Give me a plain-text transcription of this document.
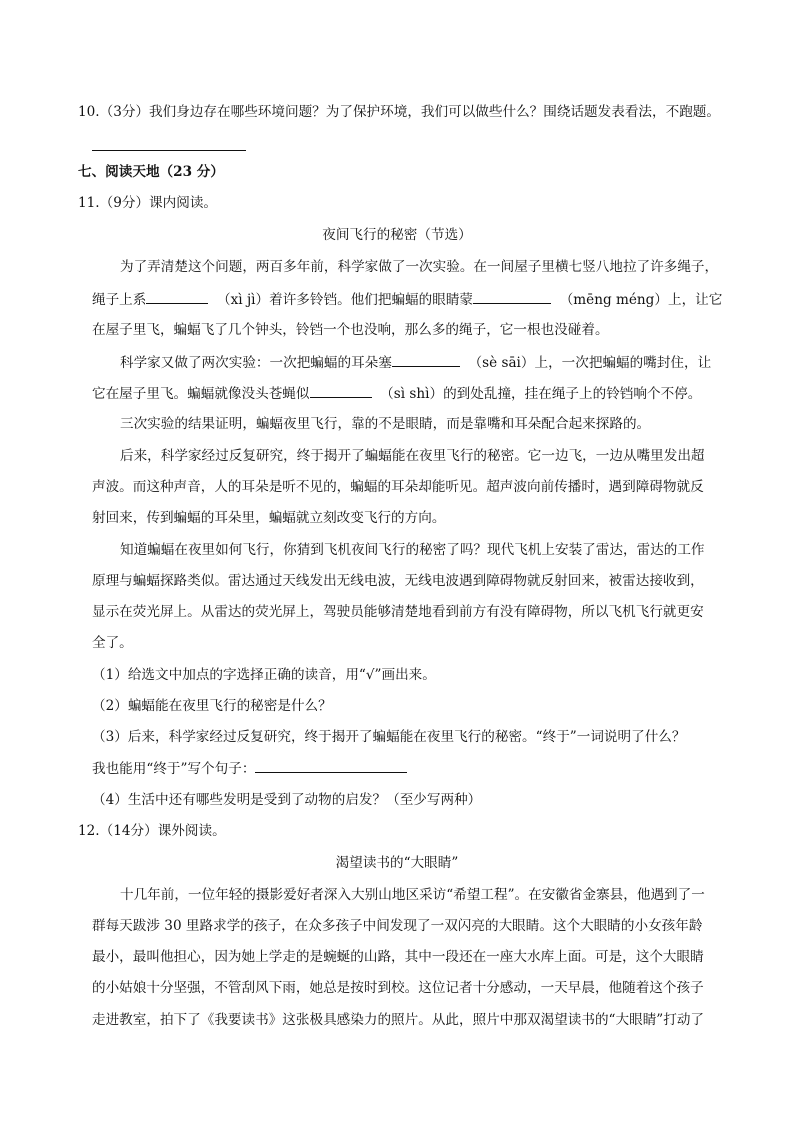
10.（3分）我们身边存在哪些环境问题？为了保护环境，我们可以做些什么？围绕话题发表看法，不跑题。
七、阅读天地（23 分）
11.（9分）课内阅读。
夜间飞行的秘密（节选）
为了弄清楚这个问题，两百多年前，科学家做了一次实验。在一间屋子里横七竖八地拉了许多绳子，
绳子上系	（xì jì）着许多铃铛。他们把蝙蝠的眼睛蒙	（mēng méng）上，让它
在屋子里飞，蝙蝠飞了几个钟头，铃铛一个也没响，那么多的绳子，它一根也没碰着。
科学家又做了两次实验：一次把蝙蝠的耳朵塞	（sè sāi）上，一次把蝙蝠的嘴封住，让
它在屋子里飞。蝙蝠就像没头苍蝇似	（sì shì）的到处乱撞，挂在绳子上的铃铛响个不停。
三次实验的结果证明，蝙蝠夜里飞行，靠的不是眼睛，而是靠嘴和耳朵配合起来探路的。
后来，科学家经过反复研究，终于揭开了蝙蝠能在夜里飞行的秘密。它一边飞，一边从嘴里发出超
声波。而这种声音，人的耳朵是听不见的，蝙蝠的耳朵却能听见。超声波向前传播时，遇到障碍物就反
射回来，传到蝙蝠的耳朵里，蝙蝠就立刻改变飞行的方向。
知道蝙蝠在夜里如何飞行，你猜到飞机夜间飞行的秘密了吗？现代飞机上安装了雷达，雷达的工作
原理与蝙蝠探路类似。雷达通过天线发出无线电波，无线电波遇到障碍物就反射回来，被雷达接收到，
显示在荧光屏上。从雷达的荧光屏上，驾驶员能够清楚地看到前方有没有障碍物，所以飞机飞行就更安
全了。
（1）给选文中加点的字选择正确的读音，用“√”画出来。
（2）蝙蝠能在夜里飞行的秘密是什么？
（3）后来，科学家经过反复研究，终于揭开了蝙蝠能在夜里飞行的秘密。“终于”一词说明了什么？
我也能用“终于”写个句子：
（4）生活中还有哪些发明是受到了动物的启发？（至少写两种）
12.（14分）课外阅读。
渴望读书的“大眼睛”
十几年前，一位年轻的摄影爱好者深入大别山地区采访“希望工程”。在安徽省金寨县，他遇到了一
群每天跋涉 30 里路求学的孩子，在众多孩子中间发现了一双闪亮的大眼睛。这个大眼睛的小女孩年龄
最小，最叫他担心，因为她上学走的是蜿蜒的山路，其中一段还在一座大水库上面。可是，这个大眼睛
的小姑娘十分坚强，不管刮风下雨，她总是按时到校。这位记者十分感动，一天早晨，他随着这个孩子
走进教室，拍下了《我要读书》这张极具感染力的照片。从此，照片中那双渴望读书的“大眼睛”打动了
